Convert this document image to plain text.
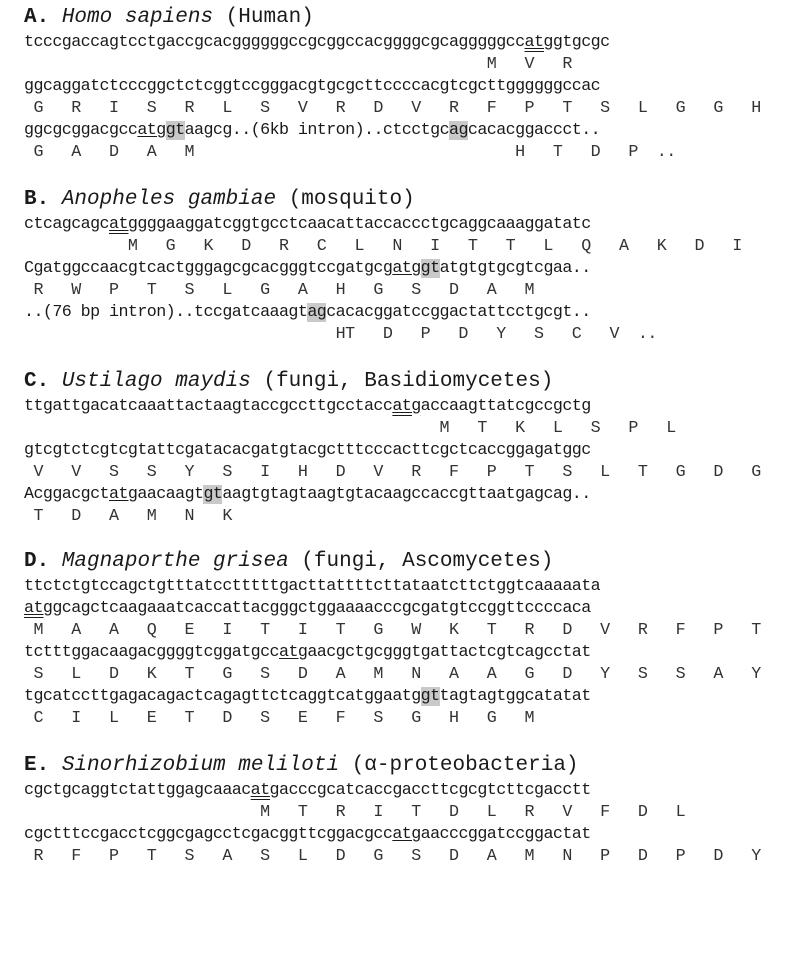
A. Homo sapiens (Human)
tcccgaccagtcctgaccgcacggggggccgcggccacggggcgcagggggccatggtgcgc
M   V   R
ggcaggatctcccggctctcggtccgggacgtgcgcttccccacgtcgcttggggggccac
G   R   I   S   R   L   S   V   R   D   V   R   F   P   T   S   L   G   G   H
ggcgcggacgccatggtaagcg..(6kb intron)..ctcctgcagcacacggaccct..
G   A   D   A   M                                  H   T   D   P  ..
B. Anopheles gambiae (mosquito)
ctcagcagcatggggaaggatcggtgcctcaacattaccaccctgcaggcaaaggatatc
M   G   K   D   R   C   L   N   I   T   T   L   Q   A   K   D   I
Cgatggccaacgtcactgggagcgcacgggtccgatgcgatggtatgtgtgcgtcgaa..
R   W   P   T   S   L   G   A   H   G   S   D   A   M
..(76 bp intron)..tccgatcaaagtagcacacggatccggactattcctgcgt..
HT   D   P   D   Y   S   C   V  ..
C. Ustilago maydis (fungi, Basidiomycetes)
ttgattgacatcaaattactaagtaccgccttgcctaccatgaccaagttatcgccgctg
M   T   K   L   S   P   L
gtcgtctcgtcgtattcgatacacgatgtacgctttcccacttcgctcaccggagatggc
V   V   S   S   Y   S   I   H   D   V   R   F   P   T   S   L   T   G   D   G
Acggacgctatgaacaagtgtaagtgtagtaagtgtacaagccaccgttaatgagcag..
T   D   A   M   N   K
D. Magnaporthe grisea (fungi, Ascomycetes)
ttctctgtccagctgtttatcctttttgacttattttcttataatcttctggtcaaaaata
atggcagctcaagaaatcaccattacgggctggaaaacccgcgatgtccggttccccaca
M   A   A   Q   E   I   T   I   T   G   W   K   T   R   D   V   R   F   P   T
tctttggacaagacggggtcggatgccatgaacgctgcgggtgattactcgtcagcctat
S   L   D   K   T   G   S   D   A   M   N   A   A   G   D   Y   S   S   A   Y
tgcatccttgagacagactcagagttctcaggtcatggaatggttagtagtggcatatat
C   I   L   E   T   D   S   E   F   S   G   H   G   M
E. Sinorhizobium meliloti (α-proteobacteria)
cgctgcaggtctattggagcaaacatgacccgcatcaccgaccttcgcgtcttcgacctt
M   T   R   I   T   D   L   R   V   F   D   L
cgctttccgacctcggcgagcctcgacggttcggacgccatgaacccggatccggactat
R   F   P   T   S   A   S   L   D   G   S   D   A   M   N   P   D   P   D   Y
